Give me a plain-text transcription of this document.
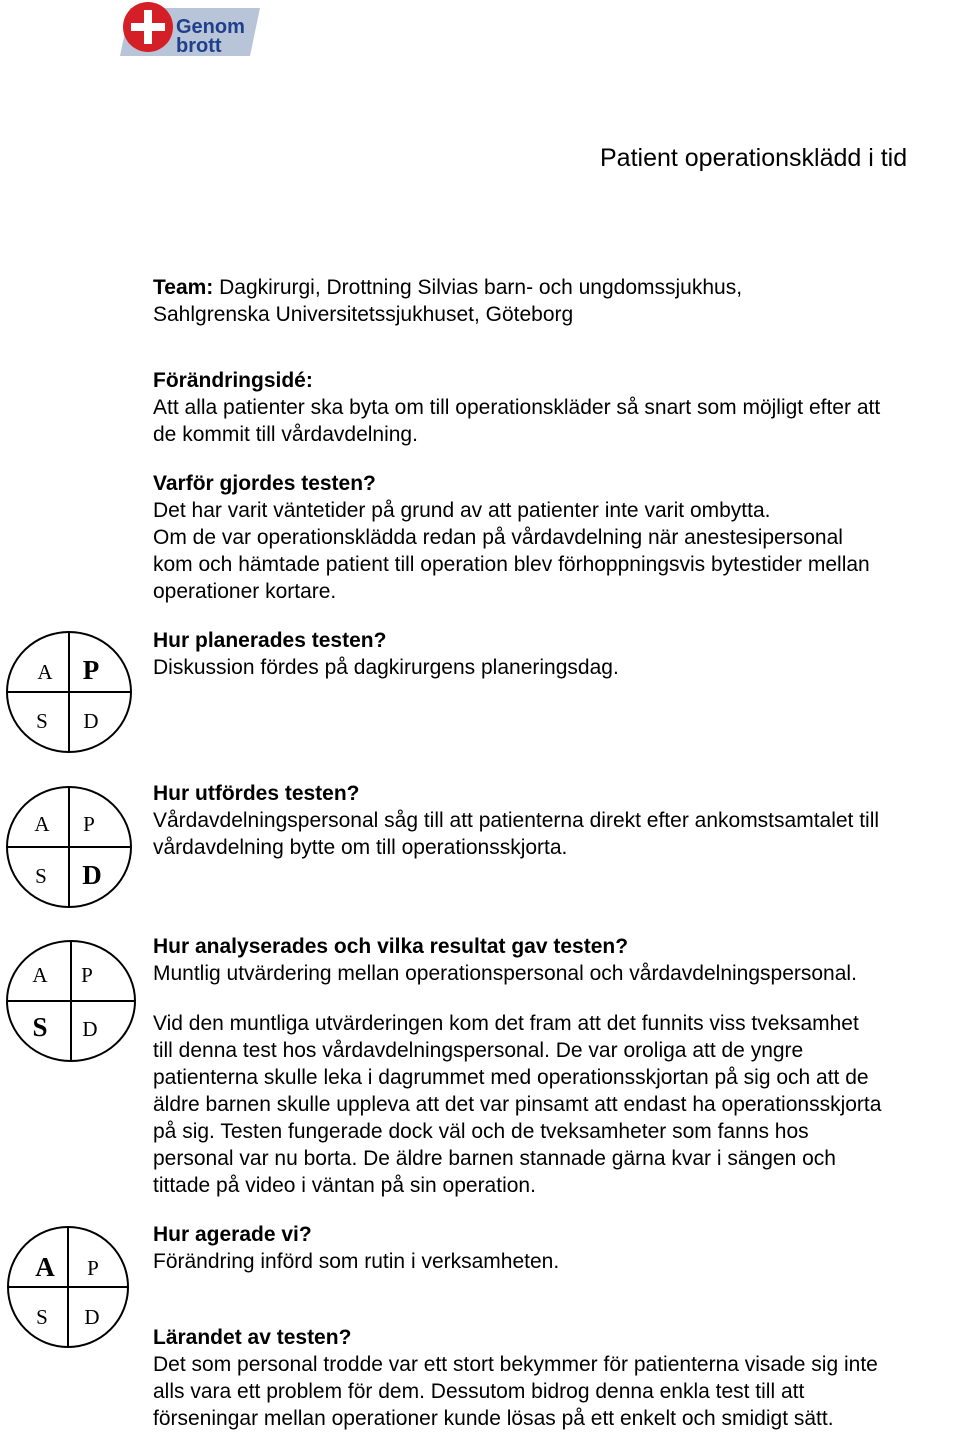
Genom
brott
Patient operationsklädd i tid

Team: Dagkirurgi, Drottning Silvias barn- och ungdomssjukhus,

Sahlgrenska Universitetssjukhuset, Göteborg

Förändringsidé:

Att alla patienter ska byta om till operationskläder så snart som möjligt efter att

de kommit till vårdavdelning.

Varför gjordes testen?

Det har varit väntetider på grund av att patienter inte varit ombytta.

Om de var operationsklädda redan på vårdavdelning när anestesipersonal

kom och hämtade patient till operation blev förhoppningsvis bytestider mellan

operationer kortare.

A P
S D

Hur planerades testen?

Diskussion fördes på dagkirurgens planeringsdag.

A P
S D

Hur utfördes testen?

Vårdavdelningspersonal såg till att patienterna direkt efter ankomstsamtalet till

vårdavdelning bytte om till operationsskjorta.

A P
S D

Hur analyserades och vilka resultat gav testen?

Muntlig utvärdering mellan operationspersonal och vårdavdelningspersonal.

Vid den muntliga utvärderingen kom det fram att det funnits viss tveksamhet

till denna test hos vårdavdelningspersonal. De var oroliga att de yngre

patienterna skulle leka i dagrummet med operationsskjortan på sig och att de

äldre barnen skulle uppleva att det var pinsamt att endast ha operationsskjorta

på sig. Testen fungerade dock väl och de tveksamheter som fanns hos

personal var nu borta. De äldre barnen stannade gärna kvar i sängen och

tittade på video i väntan på sin operation.

A P
S D

Hur agerade vi?

Förändring införd som rutin i verksamheten.

Lärandet av testen?

Det som personal trodde var ett stort bekymmer för patienterna visade sig inte

alls vara ett problem för dem. Dessutom bidrog denna enkla test till att

förseningar mellan operationer kunde lösas på ett enkelt och smidigt sätt.
